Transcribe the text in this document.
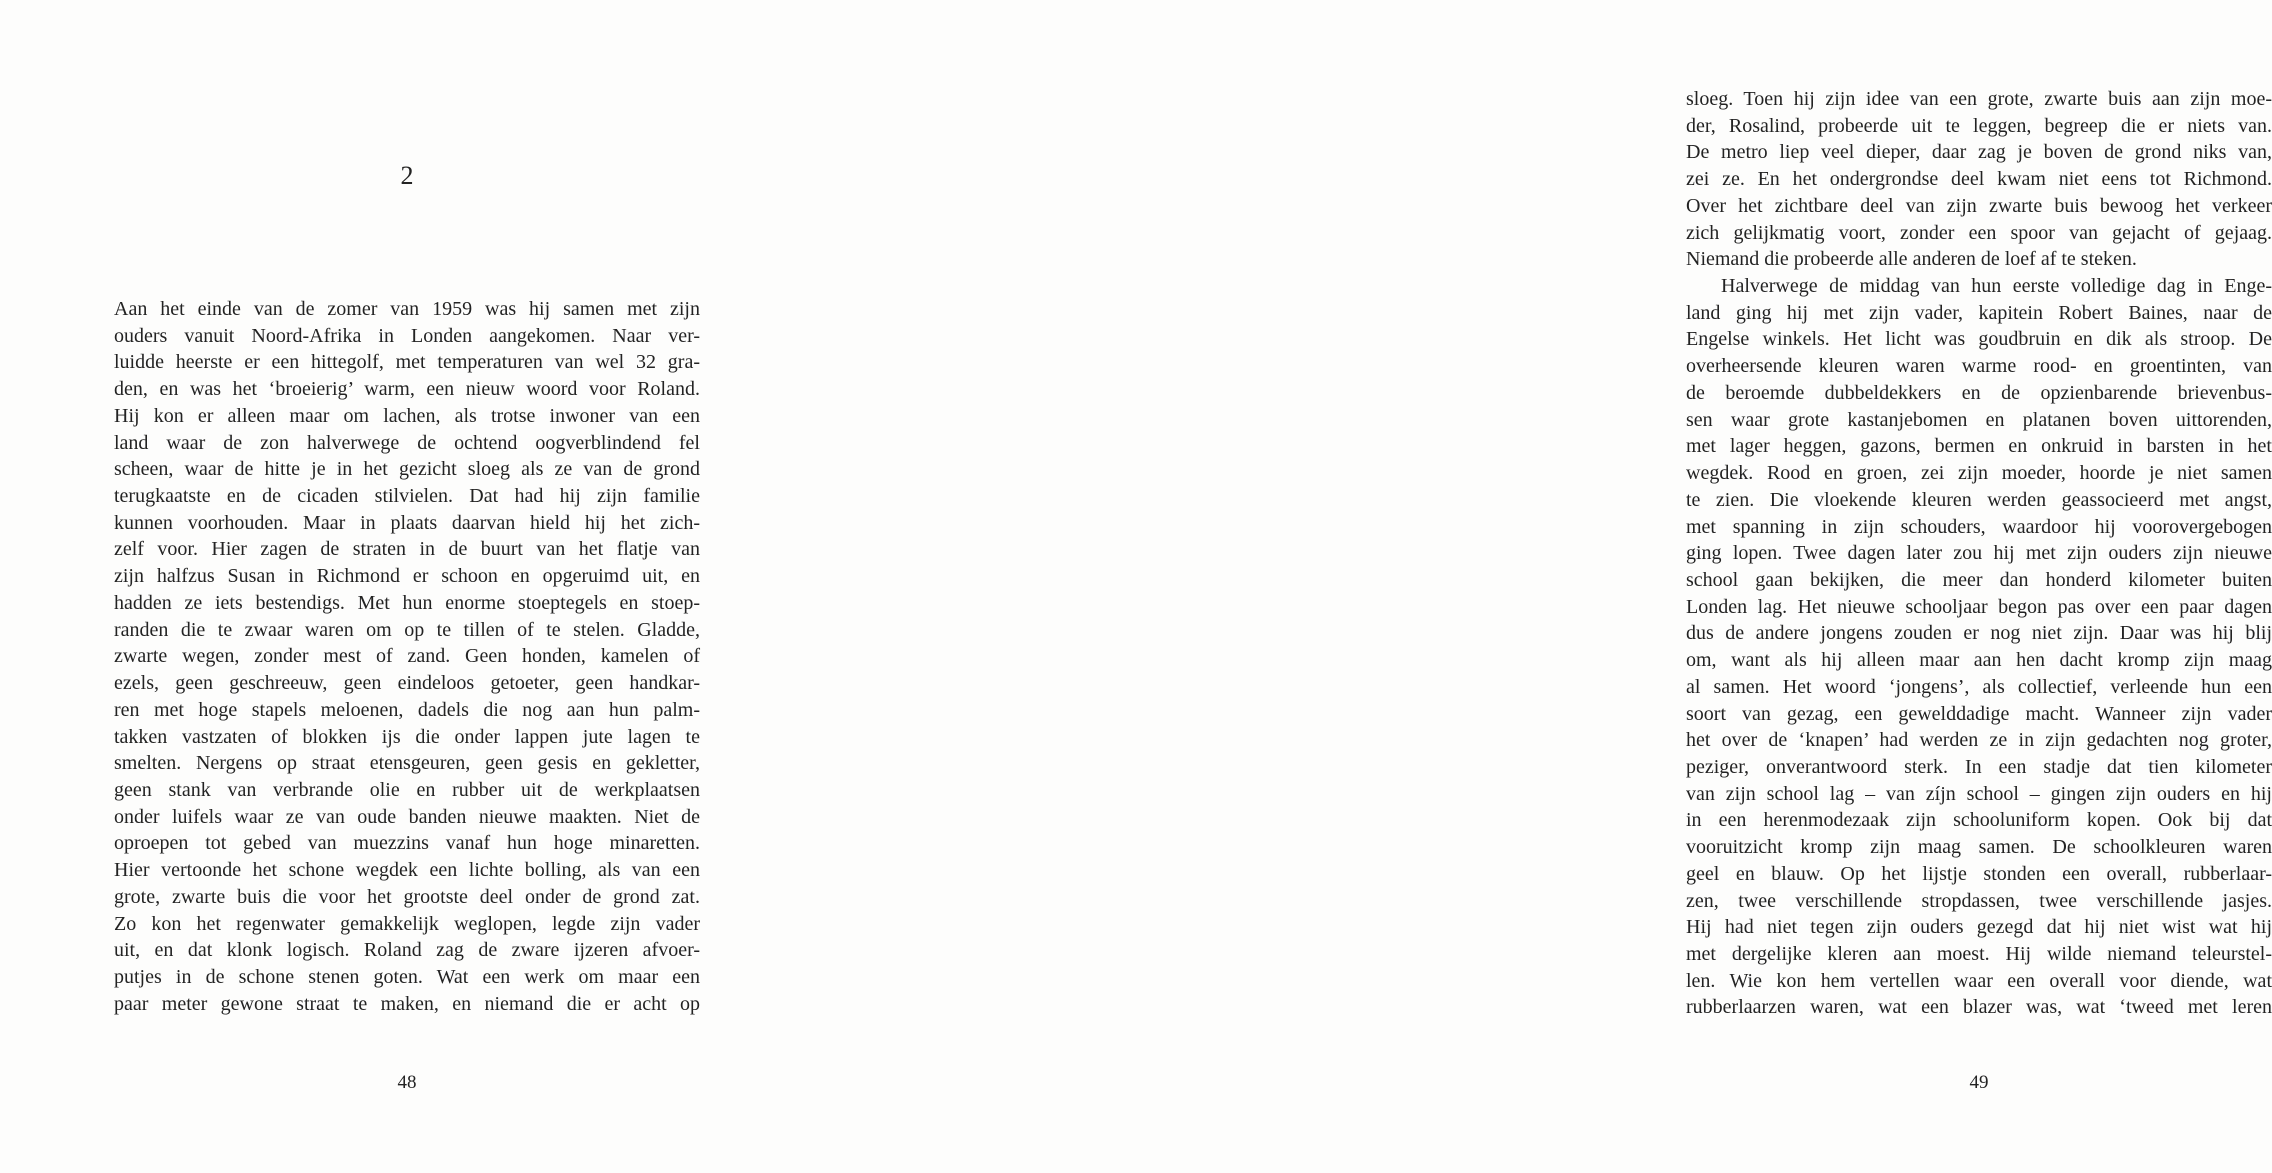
2
Aan het einde van de zomer van 1959 was hij samen met zijn
ouders vanuit Noord-Afrika in Londen aangekomen. Naar ver-
luidde heerste er een hittegolf, met temperaturen van wel 32 gra-
den, en was het ‘broeierig’ warm, een nieuw woord voor Roland.
Hij kon er alleen maar om lachen, als trotse inwoner van een
land waar de zon halverwege de ochtend oogverblindend fel
scheen, waar de hitte je in het gezicht sloeg als ze van de grond
terugkaatste en de cicaden stilvielen. Dat had hij zijn familie
kunnen voorhouden. Maar in plaats daarvan hield hij het zich-
zelf voor. Hier zagen de straten in de buurt van het flatje van
zijn halfzus Susan in Richmond er schoon en opgeruimd uit, en
hadden ze iets bestendigs. Met hun enorme stoeptegels en stoep-
randen die te zwaar waren om op te tillen of te stelen. Gladde,
zwarte wegen, zonder mest of zand. Geen honden, kamelen of
ezels, geen geschreeuw, geen eindeloos getoeter, geen handkar-
ren met hoge stapels meloenen, dadels die nog aan hun palm-
takken vastzaten of blokken ijs die onder lappen jute lagen te
smelten. Nergens op straat etensgeuren, geen gesis en gekletter,
geen stank van verbrande olie en rubber uit de werkplaatsen
onder luifels waar ze van oude banden nieuwe maakten. Niet de
oproepen tot gebed van muezzins vanaf hun hoge minaretten.
Hier vertoonde het schone wegdek een lichte bolling, als van een
grote, zwarte buis die voor het grootste deel onder de grond zat.
Zo kon het regenwater gemakkelijk weglopen, legde zijn vader
uit, en dat klonk logisch. Roland zag de zware ijzeren afvoer-
putjes in de schone stenen goten. Wat een werk om maar een
paar meter gewone straat te maken, en niemand die er acht op
48
sloeg. Toen hij zijn idee van een grote, zwarte buis aan zijn moe-
der, Rosalind, probeerde uit te leggen, begreep die er niets van.
De metro liep veel dieper, daar zag je boven de grond niks van,
zei ze. En het ondergrondse deel kwam niet eens tot Richmond.
Over het zichtbare deel van zijn zwarte buis bewoog het verkeer
zich gelijkmatig voort, zonder een spoor van gejacht of gejaag.
Niemand die probeerde alle anderen de loef af te steken.
Halverwege de middag van hun eerste volledige dag in Enge-
land ging hij met zijn vader, kapitein Robert Baines, naar de
Engelse winkels. Het licht was goudbruin en dik als stroop. De
overheersende kleuren waren warme rood- en groentinten, van
de beroemde dubbeldekkers en de opzienbarende brievenbus-
sen waar grote kastanjebomen en platanen boven uittorenden,
met lager heggen, gazons, bermen en onkruid in barsten in het
wegdek. Rood en groen, zei zijn moeder, hoorde je niet samen
te zien. Die vloekende kleuren werden geassocieerd met angst,
met spanning in zijn schouders, waardoor hij voorovergebogen
ging lopen. Twee dagen later zou hij met zijn ouders zijn nieuwe
school gaan bekijken, die meer dan honderd kilometer buiten
Londen lag. Het nieuwe schooljaar begon pas over een paar dagen
dus de andere jongens zouden er nog niet zijn. Daar was hij blij
om, want als hij alleen maar aan hen dacht kromp zijn maag
al samen. Het woord ‘jongens’, als collectief, verleende hun een
soort van gezag, een gewelddadige macht. Wanneer zijn vader
het over de ‘knapen’ had werden ze in zijn gedachten nog groter,
peziger, onverantwoord sterk. In een stadje dat tien kilometer
van zijn school lag – van zíjn school – gingen zijn ouders en hij
in een herenmodezaak zijn schooluniform kopen. Ook bij dat
vooruitzicht kromp zijn maag samen. De schoolkleuren waren
geel en blauw. Op het lijstje stonden een overall, rubberlaar-
zen, twee verschillende stropdassen, twee verschillende jasjes.
Hij had niet tegen zijn ouders gezegd dat hij niet wist wat hij
met dergelijke kleren aan moest. Hij wilde niemand teleurstel-
len. Wie kon hem vertellen waar een overall voor diende, wat
rubberlaarzen waren, wat een blazer was, wat ‘tweed met leren
49
